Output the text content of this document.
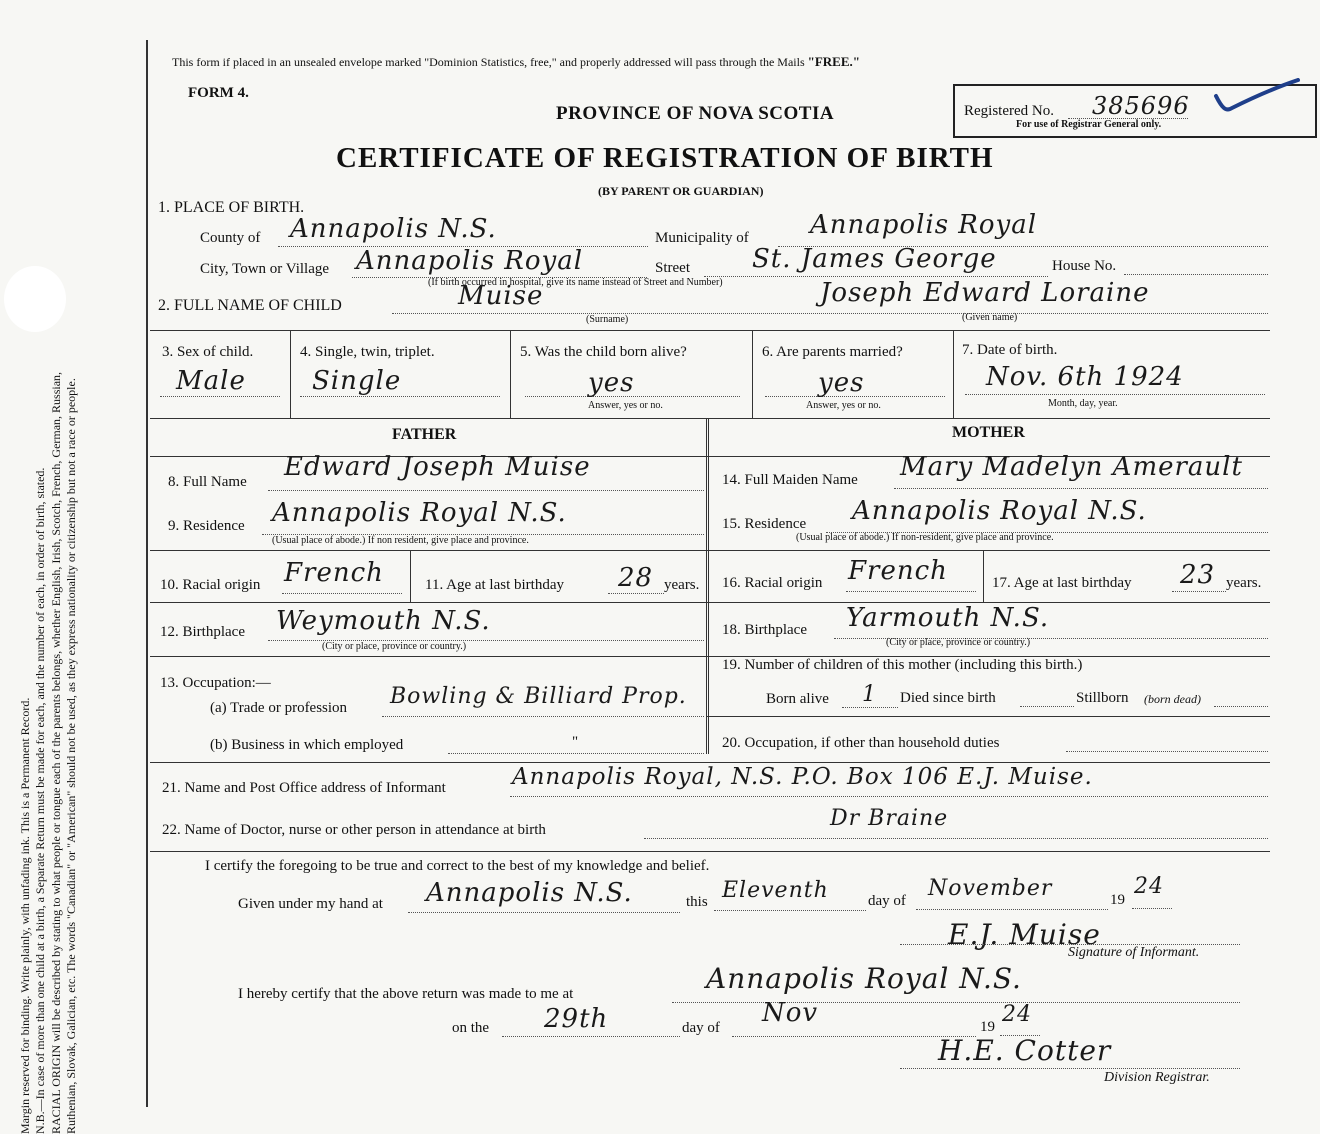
Margin reserved for binding. Write plainly, with unfading ink. This is a Permanent Record. N.B.—In case of more than one child at a birth, a Separate Return must be made for each, and the number of each, in order of birth, stated. RACIAL ORIGIN will be described by stating to what people or tongue each of the parents belongs, whether English, Irish, Scotch, French, German, Russian, Ruthenian, Slovak, Galician, etc. The words "Canadian" or "American" should not be used, as they express nationality or citizenship but not a race or people.
This form if placed in an unsealed envelope marked "Dominion Statistics, free," and properly addressed will pass through the Mails "FREE."
FORM 4.
PROVINCE OF NOVA SCOTIA
CERTIFICATE OF REGISTRATION OF BIRTH
(BY PARENT OR GUARDIAN)
Registered No. 385696
For use of Registrar General only.
1. PLACE OF BIRTH.
County of Annapolis N.S.	Municipality of Annapolis Royal
City, Town or Village Annapolis Royal	Street St. James George	House No.
(If birth occurred in hospital, give its name instead of Street and Number)
2. FULL NAME OF CHILD	Muise
(Surname)
Joseph Edward Loraine
(Given name)
3. Sex of child.
Male
4. Single, twin, triplet.
Single
5. Was the child born alive?
yes
Answer, yes or no.
6. Are parents married?
yes
Answer, yes or no.
7. Date of birth.
Nov. 6th 1924
Month, day, year.
FATHER	MOTHER
8. Full Name Edward Joseph Muise
9. Residence Annapolis Royal N.S.
(Usual place of abode.) If non resident, give place and province.
10. Racial origin French	11. Age at last birthday 28 years.
12. Birthplace Weymouth N.S.
(City or place, province or country.)
13. Occupation:—
(a) Trade or profession Bowling & Billiard Prop.
(b) Business in which employed	"
14. Full Maiden Name Mary Madelyn Amerault
15. Residence Annapolis Royal N.S.
(Usual place of abode.) If non-resident, give place and province.
16. Racial origin French	17. Age at last birthday 23 years.
18. Birthplace Yarmouth N.S.
(City or place, province or country.)
19. Number of children of this mother (including this birth.)
Born alive 1 Died since birth	Stillborn (born dead)
20. Occupation, if other than household duties
21. Name and Post Office address of Informant	Annapolis Royal, N.S. P.O. Box 106 E.J. Muise.
22. Name of Doctor, nurse or other person in attendance at birth	Dr Braine
I certify the foregoing to be true and correct to the best of my knowledge and belief.
Given under my hand at Annapolis N.S.	this Eleventh	day of November	19
24
E.J. Muise
Signature of Informant.
I hereby certify that the above return was made to me at	Annapolis Royal N.S.
on the 29th	day of Nov	19 24
H.E. Cotter
Division Registrar.
